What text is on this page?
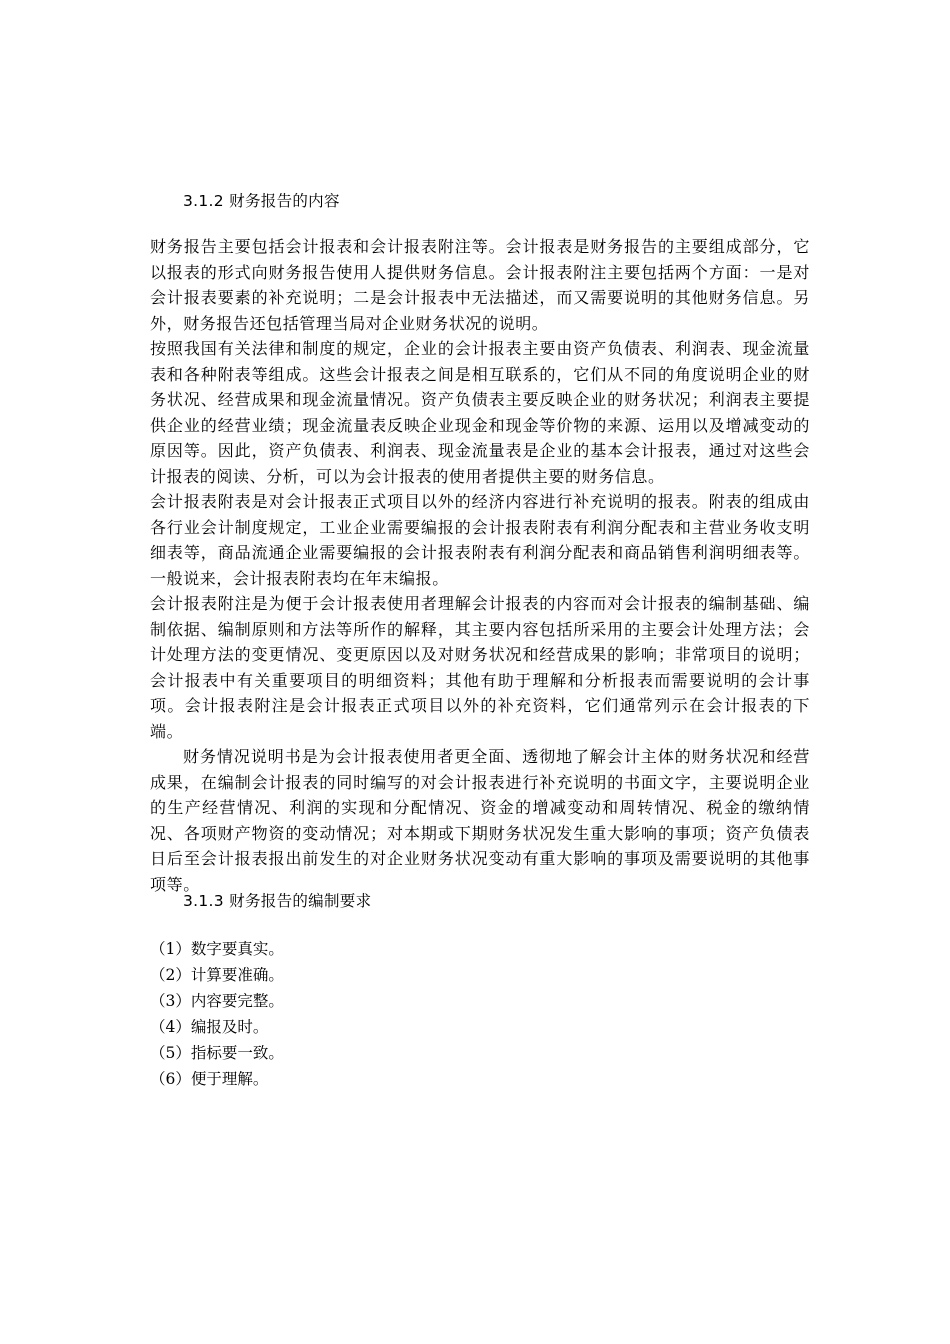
3.1.2 财务报告的内容

财务报告主要包括会计报表和会计报表附注等。会计报表是财务报告的主要组成部分，它以报表的形式向财务报告使用人提供财务信息。会计报表附注主要包括两个方面：一是对会计报表要素的补充说明；二是会计报表中无法描述，而又需要说明的其他财务信息。另外，财务报告还包括管理当局对企业财务状况的说明。

按照我国有关法律和制度的规定，企业的会计报表主要由资产负债表、利润表、现金流量表和各种附表等组成。这些会计报表之间是相互联系的，它们从不同的角度说明企业的财务状况、经营成果和现金流量情况。资产负债表主要反映企业的财务状况；利润表主要提供企业的经营业绩；现金流量表反映企业现金和现金等价物的来源、运用以及增减变动的原因等。因此，资产负债表、利润表、现金流量表是企业的基本会计报表，通过对这些会计报表的阅读、分析，可以为会计报表的使用者提供主要的财务信息。

会计报表附表是对会计报表正式项目以外的经济内容进行补充说明的报表。附表的组成由各行业会计制度规定，工业企业需要编报的会计报表附表有利润分配表和主营业务收支明细表等，商品流通企业需要编报的会计报表附表有利润分配表和商品销售利润明细表等。一般说来，会计报表附表均在年末编报。

会计报表附注是为便于会计报表使用者理解会计报表的内容而对会计报表的编制基础、编制依据、编制原则和方法等所作的解释，其主要内容包括所采用的主要会计处理方法；会计处理方法的变更情况、变更原因以及对财务状况和经营成果的影响；非常项目的说明；会计报表中有关重要项目的明细资料；其他有助于理解和分析报表而需要说明的会计事项。会计报表附注是会计报表正式项目以外的补充资料，它们通常列示在会计报表的下端。

财务情况说明书是为会计报表使用者更全面、透彻地了解会计主体的财务状况和经营成果，在编制会计报表的同时编写的对会计报表进行补充说明的书面文字，主要说明企业的生产经营情况、利润的实现和分配情况、资金的增减变动和周转情况、税金的缴纳情况、各项财产物资的变动情况；对本期或下期财务状况发生重大影响的事项；资产负债表日后至会计报表报出前发生的对企业财务状况变动有重大影响的事项及需要说明的其他事项等。

3.1.3 财务报告的编制要求
（1）数字要真实。
（2）计算要准确。
（3）内容要完整。
（4）编报及时。
（5）指标要一致。
（6）便于理解。
